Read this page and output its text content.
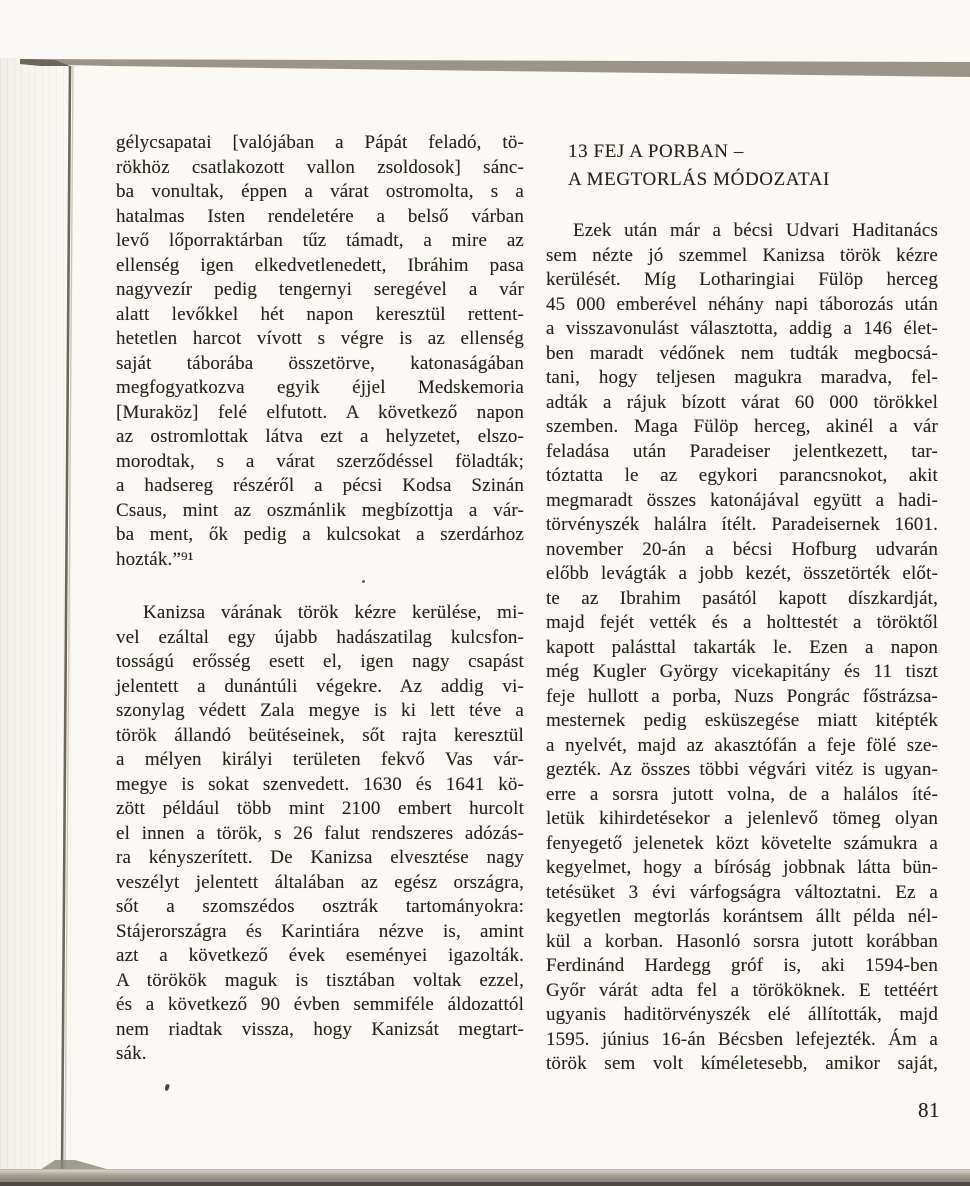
gélycsapatai [valójában a Pápát feladó, tö-
rökhöz csatlakozott vallon zsoldosok] sánc-
ba vonultak, éppen a várat ostromolta, s a
hatalmas Isten rendeletére a belső várban
levő lőporraktárban tűz támadt, a mire az
ellenség igen elkedvetlenedett, Ibráhim pasa
nagyvezír pedig tengernyi seregével a vár
alatt levőkkel hét napon keresztül rettent-
hetetlen harcot vívott s végre is az ellenség
saját táborába összetörve, katonaságában
megfogyatkozva egyik éjjel Medskemoria
[Muraköz] felé elfutott. A következő napon
az ostromlottak látva ezt a helyzetet, elszo-
morodtak, s a várat szerződéssel föladták;
a hadsereg részéről a pécsi Kodsa Szinán
Csaus, mint az oszmánlik megbízottja a vár-
ba ment, ők pedig a kulcsokat a szerdárhoz
hozták.”⁹¹
Kanizsa várának török kézre kerülése, mi-
vel ezáltal egy újabb hadászatilag kulcsfon-
tosságú erősség esett el, igen nagy csapást
jelentett a dunántúli végekre. Az addig vi-
szonylag védett Zala megye is ki lett téve a
török állandó beütéseinek, sőt rajta keresztül
a mélyen királyi területen fekvő Vas vár-
megye is sokat szenvedett. 1630 és 1641 kö-
zött például több mint 2100 embert hurcolt
el innen a török, s 26 falut rendszeres adózás-
ra kényszerített. De Kanizsa elvesztése nagy
veszélyt jelentett általában az egész országra,
sőt a szomszédos osztrák tartományokra:
Stájerországra és Karintiára nézve is, amint
azt a következő évek eseményei igazolták.
A törökök maguk is tisztában voltak ezzel,
és a következő 90 évben semmiféle áldozattól
nem riadtak vissza, hogy Kanizsát megtart-
sák.
13 FEJ A PORBAN –
A MEGTORLÁS MÓDOZATAI
Ezek után már a bécsi Udvari Haditanács
sem nézte jó szemmel Kanizsa török kézre
kerülését. Míg Lotharingiai Fülöp herceg
45 000 emberével néhány napi táborozás után
a visszavonulást választotta, addig a 146 élet-
ben maradt védőnek nem tudták megbocsá-
tani, hogy teljesen magukra maradva, fel-
adták a rájuk bízott várat 60 000 törökkel
szemben. Maga Fülöp herceg, akinél a vár
feladása után Paradeiser jelentkezett, tar-
tóztatta le az egykori parancsnokot, akit
megmaradt összes katonájával együtt a hadi-
törvényszék halálra ítélt. Paradeisernek 1601.
november 20-án a bécsi Hofburg udvarán
előbb levágták a jobb kezét, összetörték előt-
te az Ibrahim pasától kapott díszkardját,
majd fejét vették és a holttestét a töröktől
kapott palásttal takarták le. Ezen a napon
még Kugler György vicekapitány és 11 tiszt
feje hullott a porba, Nuzs Pongrác főstrázsa-
mesternek pedig esküszegése miatt kitépték
a nyelvét, majd az akasztófán a feje fölé sze-
gezték. Az összes többi végvári vitéz is ugyan-
erre a sorsra jutott volna, de a halálos íté-
letük kihirdetésekor a jelenlevő tömeg olyan
fenyegető jelenetek közt követelte számukra a
kegyelmet, hogy a bíróság jobbnak látta bün-
tetésüket 3 évi várfogságra változtatni. Ez a
kegyetlen megtorlás korántsem állt példa nél-
kül a korban. Hasonló sorsra jutott korábban
Ferdinánd Hardegg gróf is, aki 1594-ben
Győr várát adta fel a törököknek. E tettéért
ugyanis haditörvényszék elé állították, majd
1595. június 16-án Bécsben lefejezték. Ám a
török sem volt kíméletesebb, amikor saját,
81
